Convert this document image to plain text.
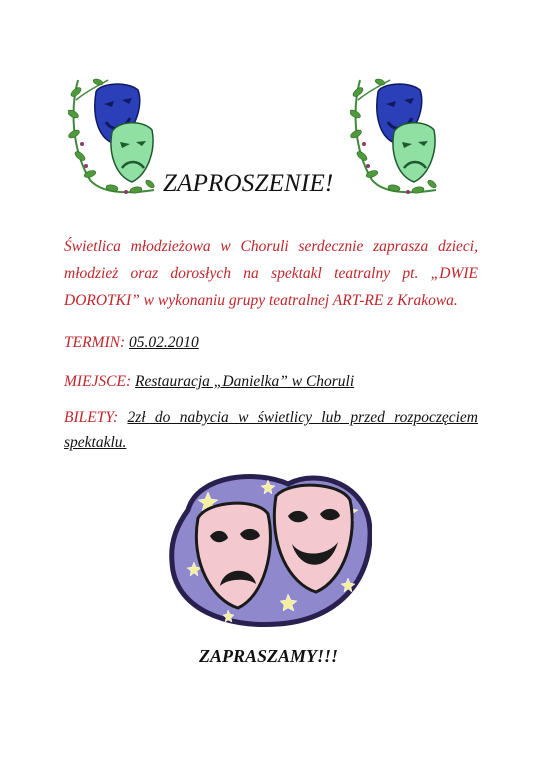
ZAPROSZENIE!
Świetlica młodzieżowa w Choruli serdecznie zaprasza dzieci, młodzież oraz dorosłych na spektakl teatralny pt. „DWIE DOROTKI” w wykonaniu grupy teatralnej ART-RE z Krakowa.
TERMIN: 05.02.2010
MIEJSCE: Restauracja „Danielka” w Choruli
BILETY: 2zł do nabycia w świetlicy lub przed rozpoczęciem spektaklu.
ZAPRASZAMY!!!
